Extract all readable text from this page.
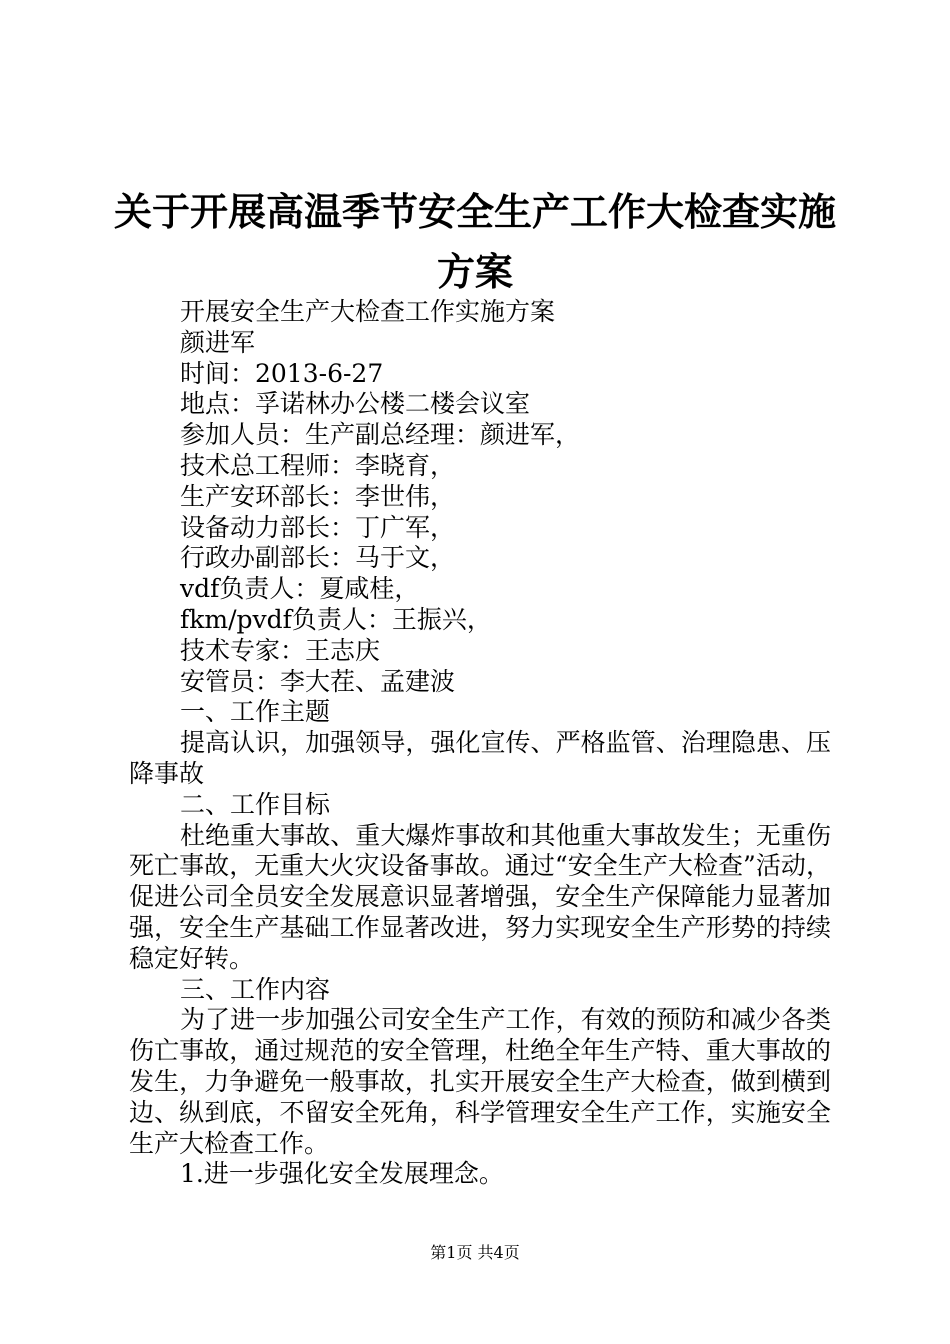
关于开展高温季节安全生产工作大检查实施方案

开展安全生产大检查工作实施方案

颜进军

时间：2013-6-27

地点：孚诺林办公楼二楼会议室

参加人员：生产副总经理：颜进军，

技术总工程师：李晓育，

生产安环部长：李世伟，

设备动力部长：丁广军，

行政办副部长：马于文，

vdf负责人：夏咸桂，

fkm/pvdf负责人：王振兴，

技术专家：王志庆

安管员：李大茬、孟建波

一、工作主题

提高认识，加强领导，强化宣传、严格监管、治理隐患、压降事故

二、工作目标

杜绝重大事故、重大爆炸事故和其他重大事故发生；无重伤死亡事故，无重大火灾设备事故。通过“安全生产大检查”活动，促进公司全员安全发展意识显著增强，安全生产保障能力显著加强，安全生产基础工作显著改进，努力实现安全生产形势的持续稳定好转。

三、工作内容

为了进一步加强公司安全生产工作，有效的预防和减少各类伤亡事故，通过规范的安全管理，杜绝全年生产特、重大事故的发生，力争避免一般事故，扎实开展安全生产大检查，做到横到边、纵到底，不留安全死角，科学管理安全生产工作，实施安全生产大检查工作。

1.进一步强化安全发展理念。

第1页 共4页
